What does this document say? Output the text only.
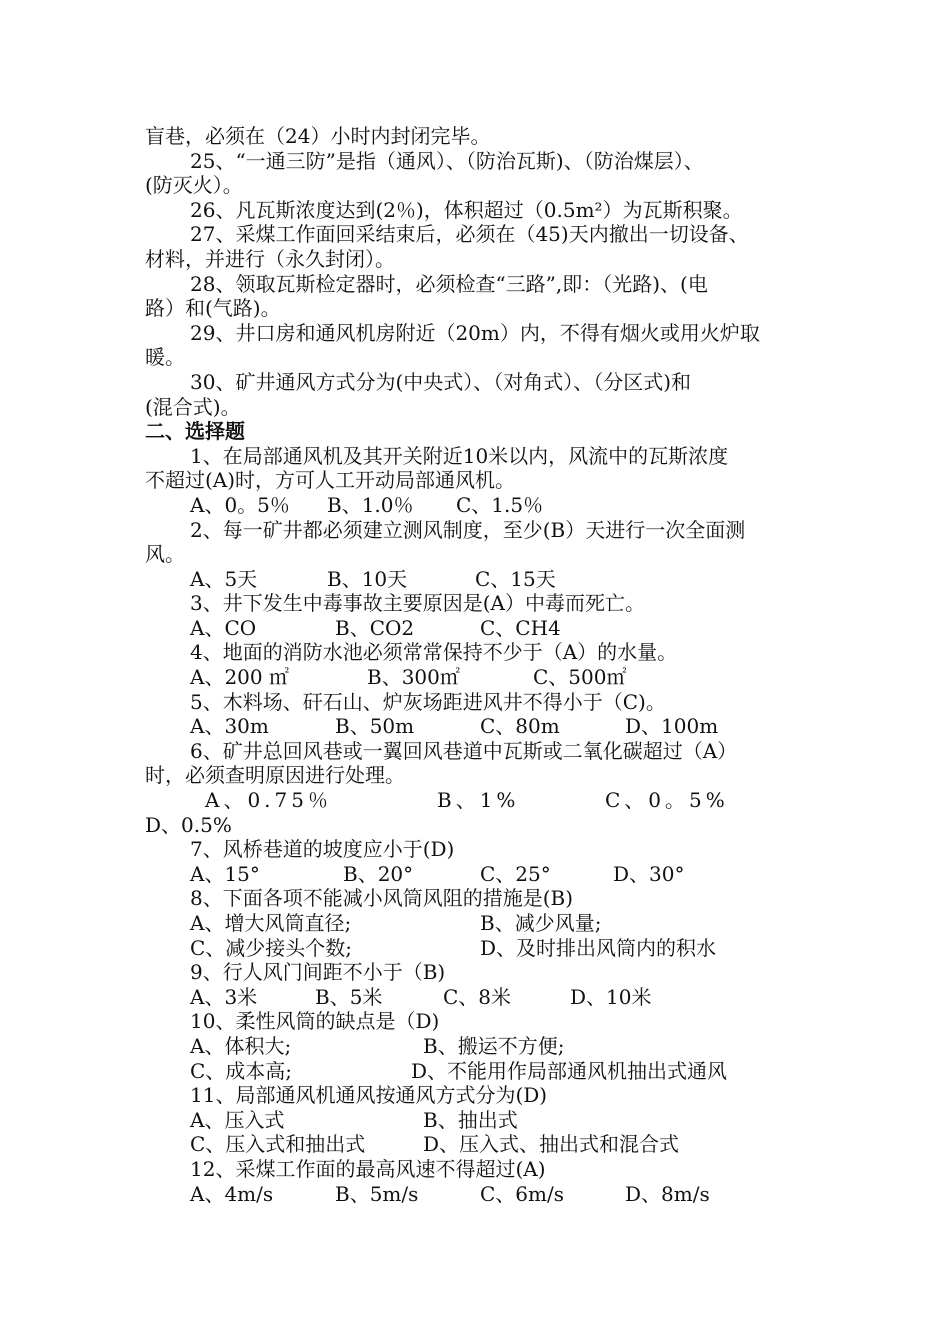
盲巷，必须在（24）小时内封闭完毕。
25、“一通三防”是指（通风）、（防治瓦斯)、（防治煤层）、
(防灭火）。
26、凡瓦斯浓度达到(2％)，体积超过（0.5m²）为瓦斯积聚。
27、采煤工作面回采结束后，必须在（45)天内撤出一切设备、
材料，并进行（永久封闭）。
28、领取瓦斯检定器时，必须检查“三路”,即：（光路)、(电
路）和(气路)。
29、井口房和通风机房附近（20m）内，不得有烟火或用火炉取
暖。
30、矿井通风方式分为(中央式）、（对角式）、（分区式)和
(混合式)。
二、选择题
1、在局部通风机及其开关附近10米以内，风流中的瓦斯浓度
不超过(A)时，方可人工开动局部通风机。
A、0。5％ B、1.0％ C、1.5％
2、每一矿井都必须建立测风制度，至少(B）天进行一次全面测
风。
A、5天	B、10天	C、15天
3、井下发生中毒事故主要原因是(A）中毒而死亡。
A、CO	B、CO2	C、CH4
4、地面的消防水池必须常常保持不少于（A）的水量。
A、200 ㎡	B、300㎡	C、500㎡
5、木料场、矸石山、炉灰场距进风井不得小于（C)。
A、30m	B、50m	C、80m	D、100m
6、矿井总回风巷或一翼回风巷道中瓦斯或二氧化碳超过（A）
时，必须查明原因进行处理。
A、0.75％	B、1%	C、0。5%
D、0.5%
7、风桥巷道的坡度应小于(D)
A、15°	B、20°	C、25°	D、30°
8、下面各项不能减小风筒风阻的措施是(B)
A、增大风筒直径;	B、减少风量;
C、减少接头个数;	D、及时排出风筒内的积水
9、行人风门间距不小于（B)
A、3米	B、5米	C、8米	D、10米
10、柔性风筒的缺点是（D)
A、体积大;	B、搬运不方便;
C、成本高;	D、不能用作局部通风机抽出式通风
11、局部通风机通风按通风方式分为(D)
A、压入式	B、抽出式
C、压入式和抽出式	D、压入式、抽出式和混合式
12、采煤工作面的最高风速不得超过(A)
A、4m/s	B、5m/s	C、6m/s	D、8m/s
